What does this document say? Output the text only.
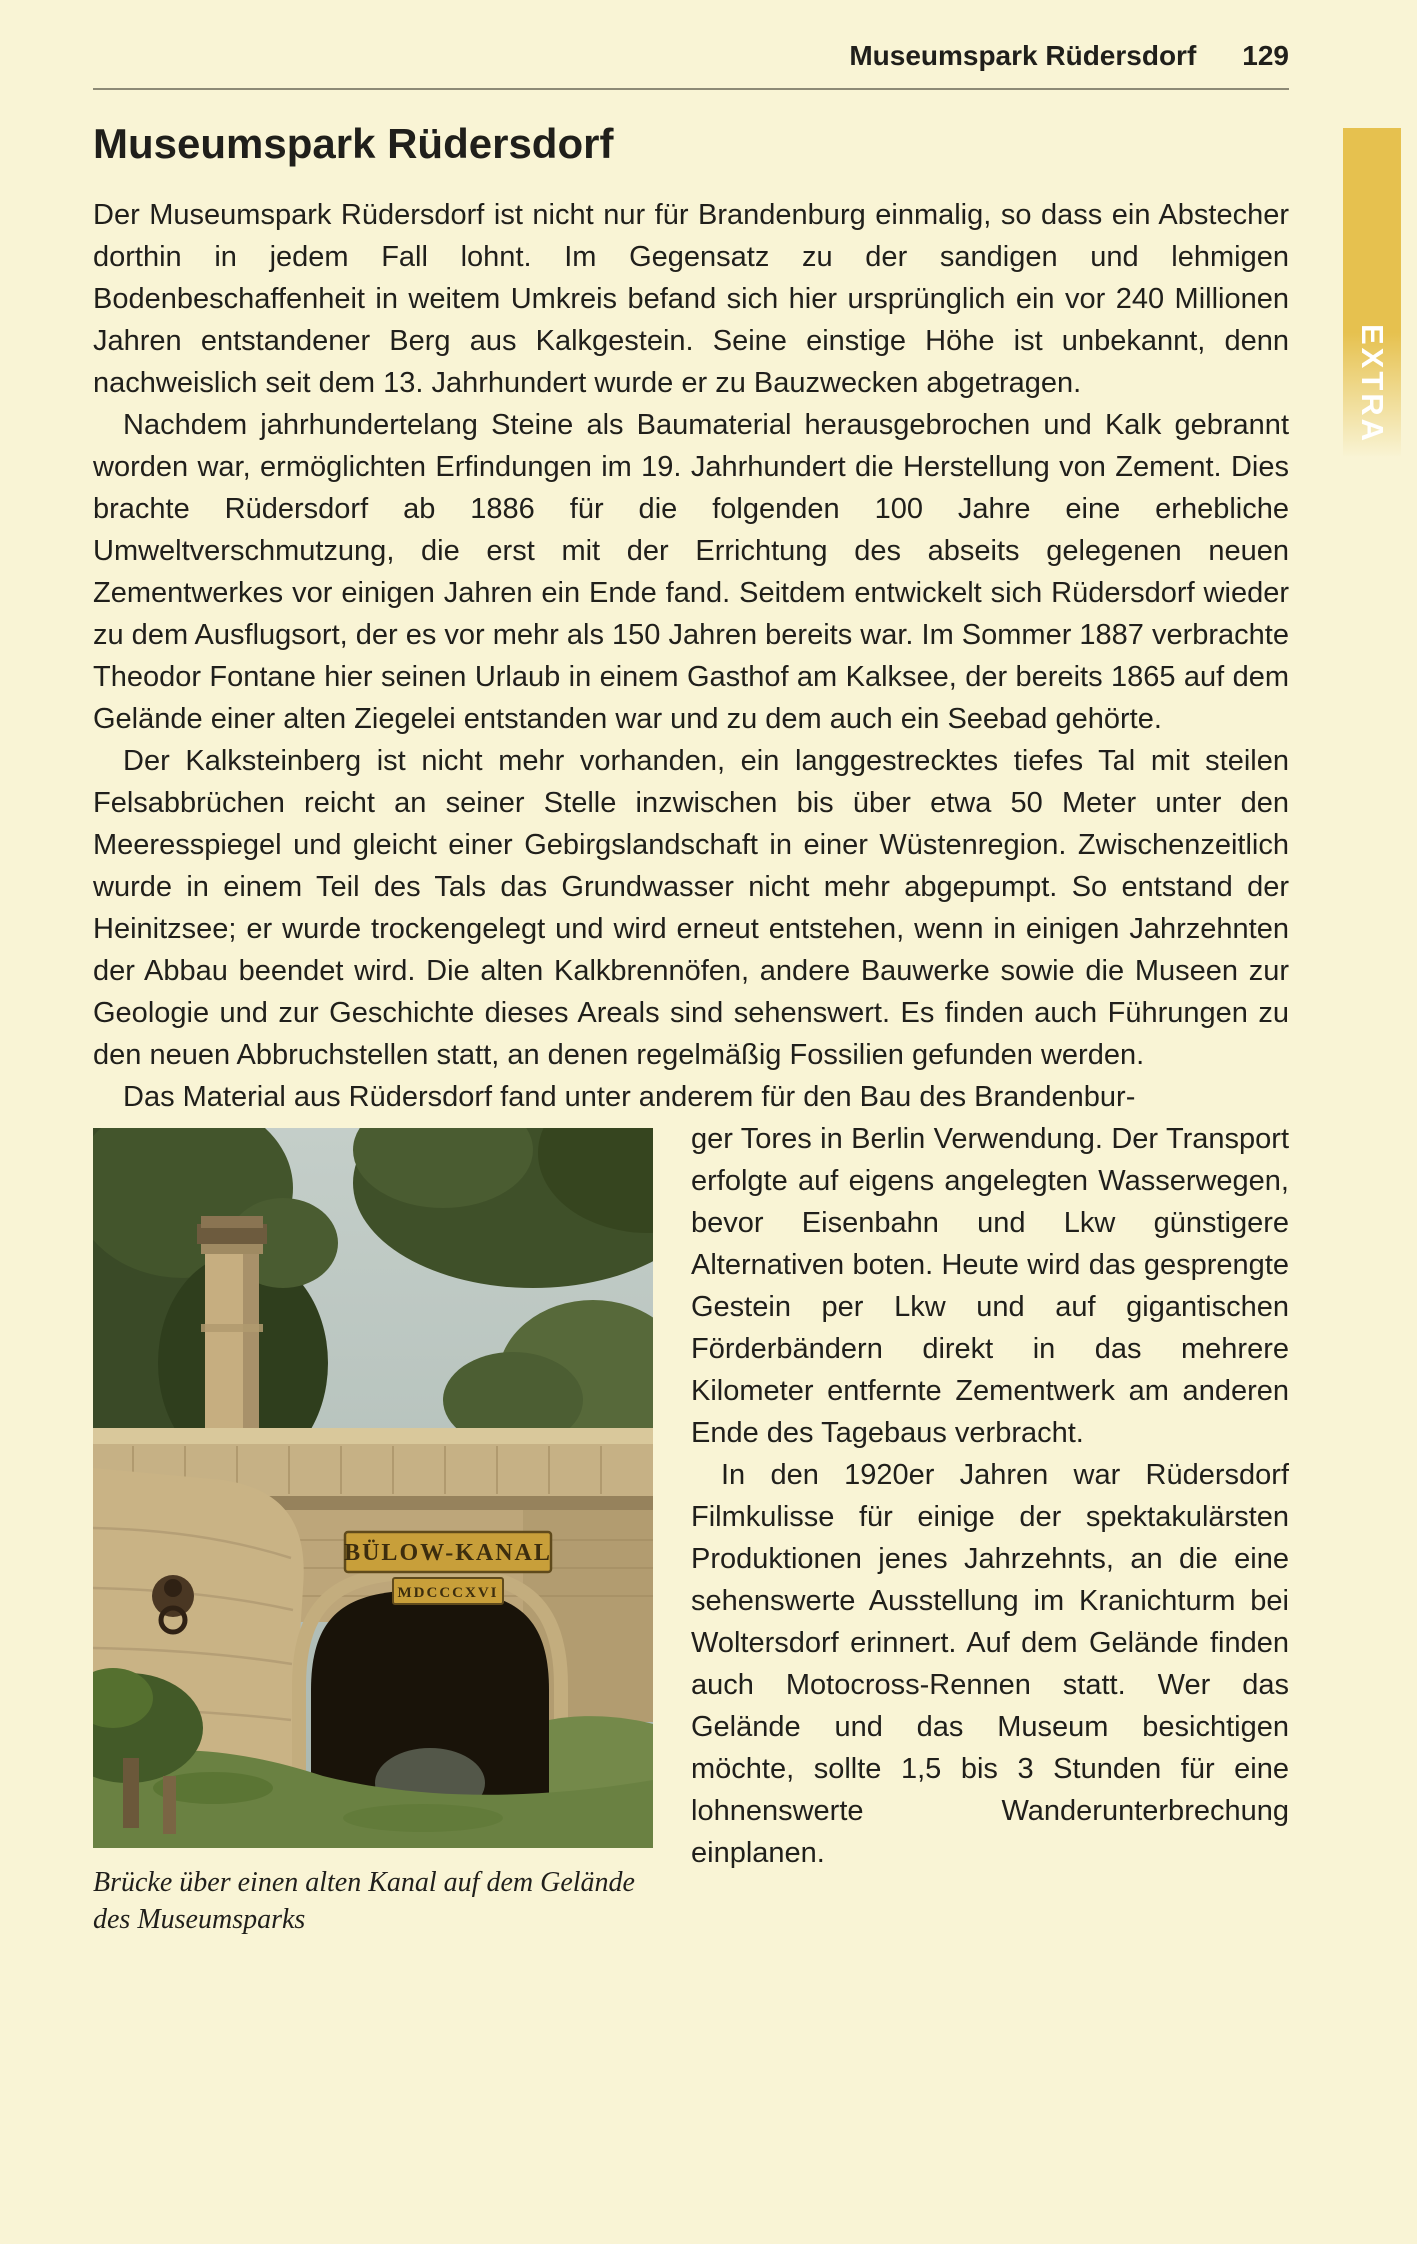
EXTRA
Museumspark Rüdersdorf 129
Museumspark Rüdersdorf

Der Museumspark Rüdersdorf ist nicht nur für Brandenburg einmalig, so dass ein Abstecher dorthin in jedem Fall lohnt. Im Gegensatz zu der sandigen und lehmigen Bodenbeschaffenheit in weitem Umkreis befand sich hier ursprünglich ein vor 240 Millionen Jahren entstandener Berg aus Kalkgestein. Seine einstige Höhe ist unbekannt, denn nachweislich seit dem 13. Jahrhundert wurde er zu Bauzwecken abgetragen.

Nachdem jahrhundertelang Steine als Baumaterial herausgebrochen und Kalk gebrannt worden war, ermöglichten Erfindungen im 19. Jahrhundert die Herstellung von Zement. Dies brachte Rüdersdorf ab 1886 für die folgenden 100 Jahre eine erhebliche Umweltverschmutzung, die erst mit der Errichtung des abseits gelegenen neuen Zementwerkes vor einigen Jahren ein Ende fand. Seitdem entwickelt sich Rüdersdorf wieder zu dem Ausflugsort, der es vor mehr als 150 Jahren bereits war. Im Sommer 1887 verbrachte Theodor Fontane hier seinen Urlaub in einem Gasthof am Kalksee, der bereits 1865 auf dem Gelände einer alten Ziegelei entstanden war und zu dem auch ein Seebad gehörte.

Der Kalksteinberg ist nicht mehr vorhanden, ein langgestrecktes tiefes Tal mit steilen Felsabbrüchen reicht an seiner Stelle inzwischen bis über etwa 50 Meter unter den Meeresspiegel und gleicht einer Gebirgslandschaft in einer Wüstenregion. Zwischenzeitlich wurde in einem Teil des Tals das Grundwasser nicht mehr abgepumpt. So entstand der Heinitzsee; er wurde trockengelegt und wird erneut entstehen, wenn in einigen Jahrzehnten der Abbau beendet wird. Die alten Kalkbrennöfen, andere Bauwerke sowie die Museen zur Geologie und zur Geschichte dieses Areals sind sehenswert. Es finden auch Führungen zu den neuen Abbruchstellen statt, an denen regelmäßig Fossilien gefunden werden.

Das Material aus Rüdersdorf fand unter anderem für den Bau des Brandenbur-

BÜLOW-KANAL
MDCCCXVI
Brücke über einen alten Kanal auf dem Gelände des Museumsparks

ger Tores in Berlin Verwendung. Der Transport erfolgte auf eigens angelegten Wasserwegen, bevor Eisenbahn und Lkw günstigere Alternativen boten. Heute wird das gesprengte Gestein per Lkw und auf gigantischen Förderbändern direkt in das mehrere Kilometer entfernte Zementwerk am anderen Ende des Tagebaus verbracht.

In den 1920er Jahren war Rüdersdorf Filmkulisse für einige der spektakulärsten Produktionen jenes Jahrzehnts, an die eine sehenswerte Ausstellung im Kranichturm bei Woltersdorf erinnert. Auf dem Gelände finden auch Motocross-Rennen statt. Wer das Gelände und das Museum besichtigen möchte, sollte 1,5 bis 3 Stunden für eine lohnenswerte Wanderunterbrechung einplanen.
